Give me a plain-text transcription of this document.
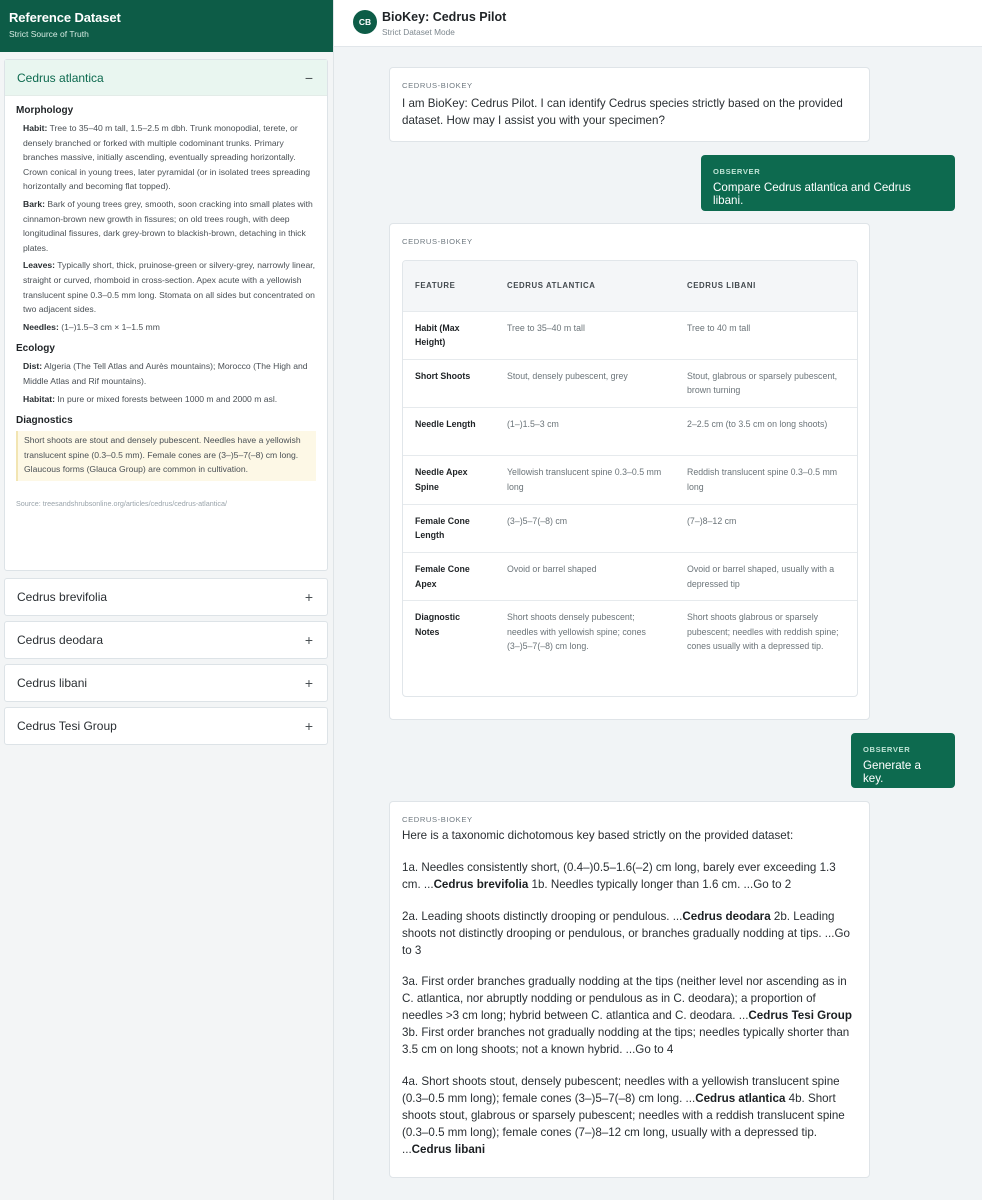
Reference Dataset
Strict Source of Truth
Cedrus atlantica	−
Morphology
Habit: Tree to 35–40 m tall, 1.5–2.5 m dbh. Trunk monopodial, terete, or densely branched or forked with multiple codominant trunks. Primary branches massive, initially ascending, eventually spreading horizontally. Crown conical in young trees, later pyramidal (or in isolated trees spreading horizontally and becoming flat topped).
Bark: Bark of young trees grey, smooth, soon cracking into small plates with cinnamon-brown new growth in fissures; on old trees rough, with deep longitudinal fissures, dark grey-brown to blackish-brown, detaching in thick plates.
Leaves: Typically short, thick, pruinose-green or silvery-grey, narrowly linear, straight or curved, rhomboid in cross-section. Apex acute with a yellowish translucent spine 0.3–0.5 mm long. Stomata on all sides but concentrated on two adjacent sides.
Needles: (1–)1.5–3 cm × 1–1.5 mm
Ecology
Dist: Algeria (The Tell Atlas and Aurès mountains); Morocco (The High and Middle Atlas and Rif mountains).
Habitat: In pure or mixed forests between 1000 m and 2000 m asl.
Diagnostics
Short shoots are stout and densely pubescent. Needles have a yellowish translucent spine (0.3–0.5 mm). Female cones are (3–)5–7(–8) cm long. Glaucous forms (Glauca Group) are common in cultivation.
Source: treesandshrubsonline.org/articles/cedrus/cedrus-atlantica/
Cedrus brevifolia	+
Cedrus deodara	+
Cedrus libani	+
Cedrus Tesi Group	+
CB BioKey: Cedrus Pilot
Strict Dataset Mode
CEDRUS-BIOKEY
I am BioKey: Cedrus Pilot. I can identify Cedrus species strictly based on the provided dataset. How may I assist you with your specimen?
OBSERVER
Compare Cedrus atlantica and Cedrus libani.
CEDRUS-BIOKEY
FEATURE	CEDRUS ATLANTICA	CEDRUS LIBANI
Habit (Max Height)	Tree to 35–40 m tall	Tree to 40 m tall
Short Shoots	Stout, densely pubescent, grey	Stout, glabrous or sparsely pubescent, brown turning
Needle Length	(1–)1.5–3 cm	2–2.5 cm (to 3.5 cm on long shoots)
Needle Apex Spine	Yellowish translucent spine 0.3–0.5 mm long	Reddish translucent spine 0.3–0.5 mm long
Female Cone Length	(3–)5–7(–8) cm	(7–)8–12 cm
Female Cone Apex	Ovoid or barrel shaped	Ovoid or barrel shaped, usually with a depressed tip
Diagnostic Notes	Short shoots densely pubescent; needles with yellowish spine; cones (3–)5–7(–8) cm long.	Short shoots glabrous or sparsely pubescent; needles with reddish spine; cones usually with a depressed tip.
OBSERVER
Generate a key.
CEDRUS-BIOKEY

Here is a taxonomic dichotomous key based strictly on the provided dataset:

1a. Needles consistently short, (0.4–)0.5–1.6(–2) cm long, barely ever exceeding 1.3 cm. ...Cedrus brevifolia 1b. Needles typically longer than 1.6 cm. ...Go to 2

2a. Leading shoots distinctly drooping or pendulous. ...Cedrus deodara 2b. Leading shoots not distinctly drooping or pendulous, or branches gradually nodding at tips. ...Go to 3

3a. First order branches gradually nodding at the tips (neither level nor ascending as in C. atlantica, nor abruptly nodding or pendulous as in C. deodara); a proportion of needles >3 cm long; hybrid between C. atlantica and C. deodara. ...Cedrus Tesi Group 3b. First order branches not gradually nodding at the tips; needles typically shorter than 3.5 cm on long shoots; not a known hybrid. ...Go to 4

4a. Short shoots stout, densely pubescent; needles with a yellowish translucent spine (0.3–0.5 mm long); female cones (3–)5–7(–8) cm long. ...Cedrus atlantica 4b. Short shoots stout, glabrous or sparsely pubescent; needles with a reddish translucent spine (0.3–0.5 mm long); female cones (7–)8–12 cm long, usually with a depressed tip. ...Cedrus libani
